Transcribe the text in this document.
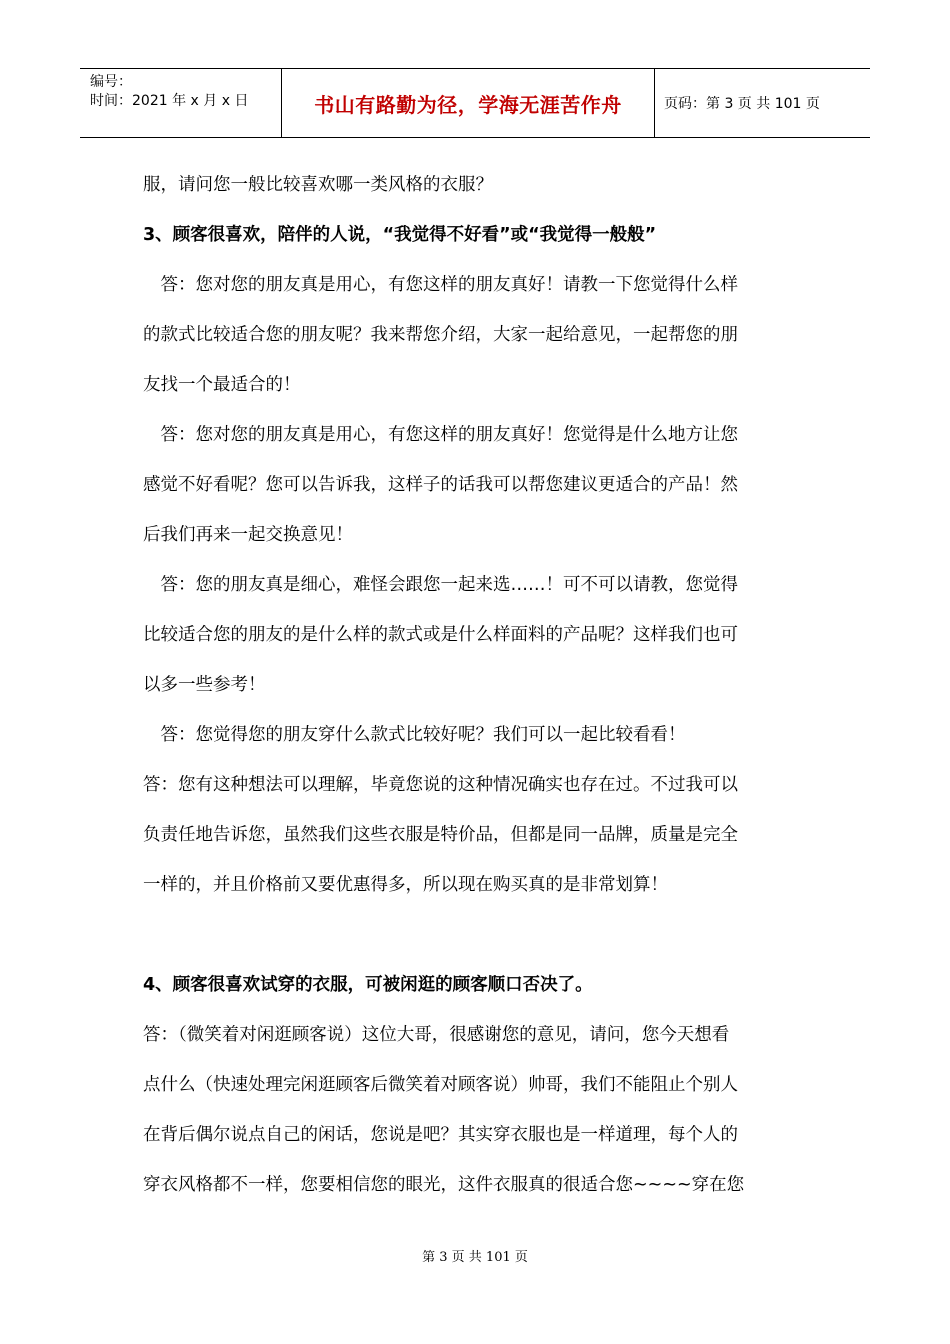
编号：
时间：2021 年 x 月 x 日	书山有路勤为径，学海无涯苦作舟	页码：第 3 页 共 101 页
服，请问您一般比较喜欢哪一类风格的衣服？
3、顾客很喜欢，陪伴的人说，“我觉得不好看”或“我觉得一般般”
　答：您对您的朋友真是用心，有您这样的朋友真好！请教一下您觉得什么样
的款式比较适合您的朋友呢？我来帮您介绍，大家一起给意见，一起帮您的朋
友找一个最适合的！
　答：您对您的朋友真是用心，有您这样的朋友真好！您觉得是什么地方让您
感觉不好看呢？您可以告诉我，这样子的话我可以帮您建议更适合的产品！然
后我们再来一起交换意见！
　答：您的朋友真是细心，难怪会跟您一起来选……！可不可以请教，您觉得
比较适合您的朋友的是什么样的款式或是什么样面料的产品呢？这样我们也可
以多一些参考！
　答：您觉得您的朋友穿什么款式比较好呢？我们可以一起比较看看！
答：您有这种想法可以理解，毕竟您说的这种情况确实也存在过。不过我可以
负责任地告诉您，虽然我们这些衣服是特价品，但都是同一品牌，质量是完全
一样的，并且价格前又要优惠得多，所以现在购买真的是非常划算！
4、顾客很喜欢试穿的衣服，可被闲逛的顾客顺口否决了。
答：（微笑着对闲逛顾客说）这位大哥，很感谢您的意见，请问，您今天想看
点什么（快速处理完闲逛顾客后微笑着对顾客说）帅哥，我们不能阻止个别人
在背后偶尔说点自己的闲话，您说是吧？其实穿衣服也是一样道理，每个人的
穿衣风格都不一样，您要相信您的眼光，这件衣服真的很适合您~~~~穿在您
第 3 页 共 101 页
